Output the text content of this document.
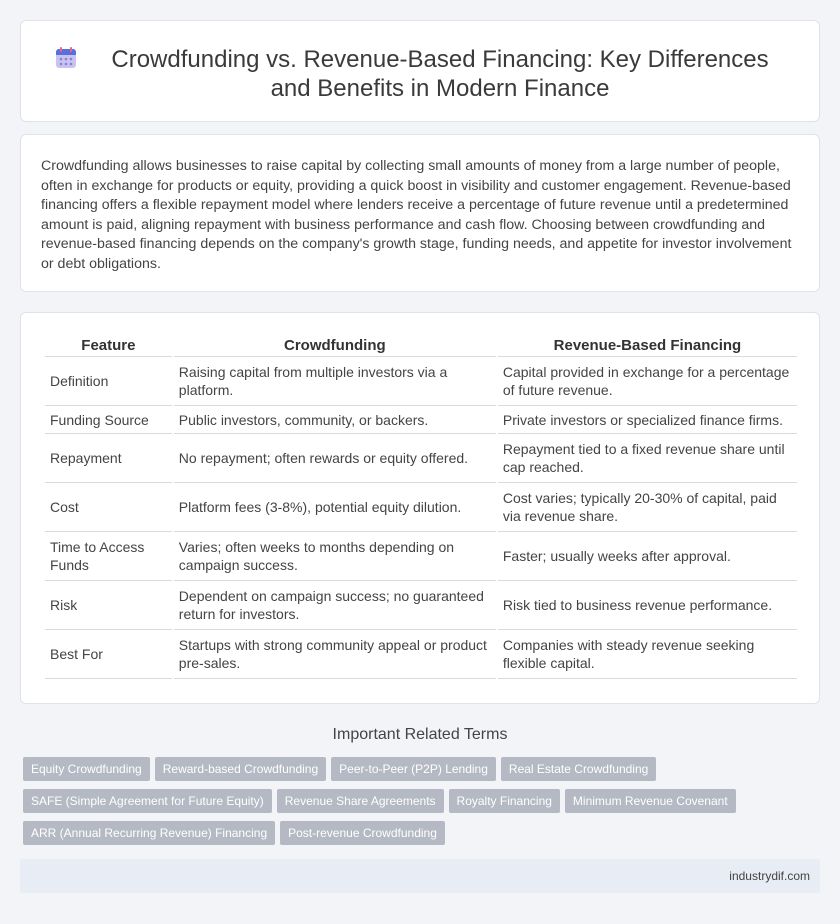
Crowdfunding vs. Revenue-Based Financing: Key Differences and Benefits in Modern Finance

Crowdfunding allows businesses to raise capital by collecting small amounts of money from a large number of people, often in exchange for products or equity, providing a quick boost in visibility and customer engagement. Revenue-based financing offers a flexible repayment model where lenders receive a percentage of future revenue until a predetermined amount is paid, aligning repayment with business performance and cash flow. Choosing between crowdfunding and revenue-based financing depends on the company's growth stage, funding needs, and appetite for investor involvement or debt obligations.

Feature	Crowdfunding	Revenue-Based Financing
Definition	Raising capital from multiple investors via a platform.	Capital provided in exchange for a percentage of future revenue.
Funding Source	Public investors, community, or backers.	Private investors or specialized finance firms.
Repayment	No repayment; often rewards or equity offered.	Repayment tied to a fixed revenue share until cap reached.
Cost	Platform fees (3-8%), potential equity dilution.	Cost varies; typically 20-30% of capital, paid via revenue share.
Time to Access Funds	Varies; often weeks to months depending on campaign success.	Faster; usually weeks after approval.
Risk	Dependent on campaign success; no guaranteed return for investors.	Risk tied to business revenue performance.
Best For	Startups with strong community appeal or product pre-sales.	Companies with steady revenue seeking flexible capital.
Important Related Terms
Equity Crowdfunding Reward-based Crowdfunding Peer-to-Peer (P2P) Lending Real Estate Crowdfunding
SAFE (Simple Agreement for Future Equity) Revenue Share Agreements Royalty Financing Minimum Revenue Covenant
ARR (Annual Recurring Revenue) Financing Post-revenue Crowdfunding
industrydif.com
